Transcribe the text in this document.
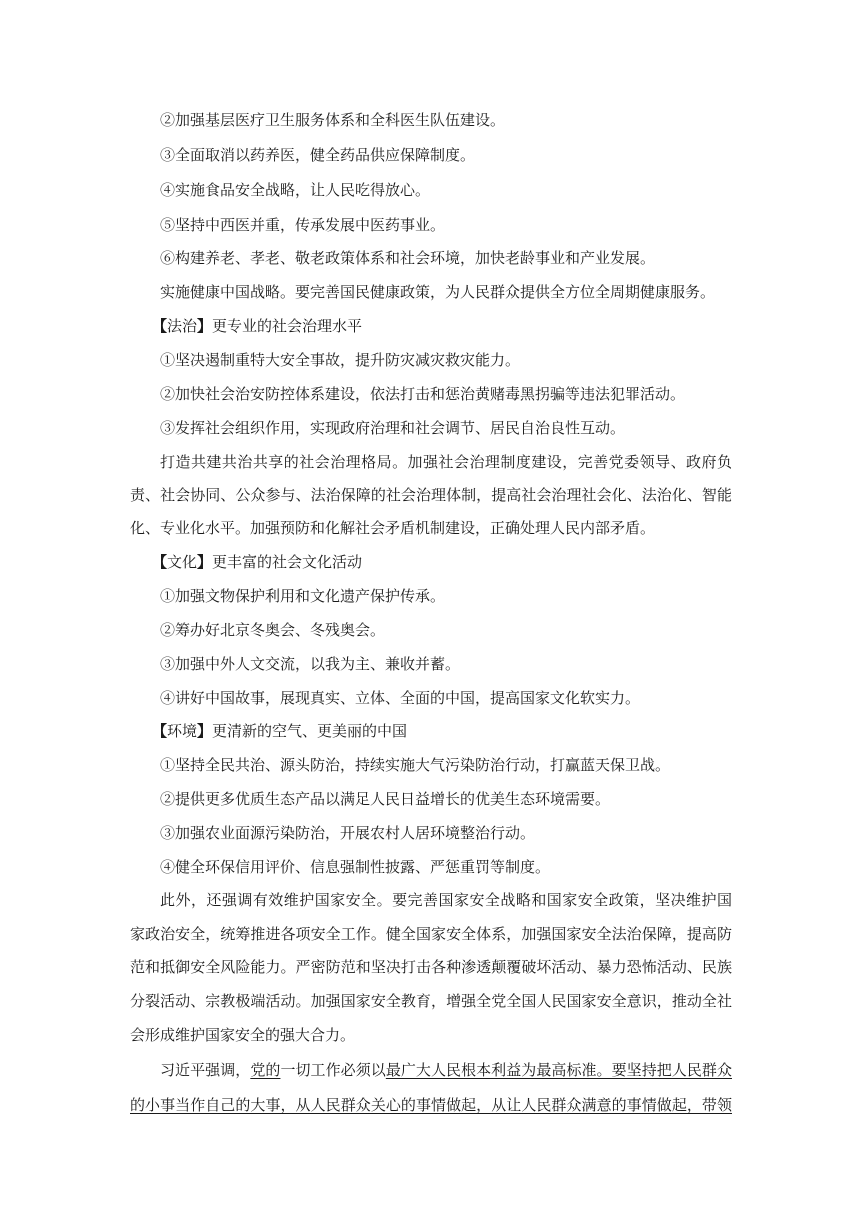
②加强基层医疗卫生服务体系和全科医生队伍建设。
③全面取消以药养医，健全药品供应保障制度。
④实施食品安全战略，让人民吃得放心。
⑤坚持中西医并重，传承发展中医药事业。
⑥构建养老、孝老、敬老政策体系和社会环境，加快老龄事业和产业发展。
实施健康中国战略。要完善国民健康政策，为人民群众提供全方位全周期健康服务。
【法治】更专业的社会治理水平
①坚决遏制重特大安全事故，提升防灾减灾救灾能力。
②加快社会治安防控体系建设，依法打击和惩治黄赌毒黑拐骗等违法犯罪活动。
③发挥社会组织作用，实现政府治理和社会调节、居民自治良性互动。
打造共建共治共享的社会治理格局。加强社会治理制度建设，完善党委领导、政府负
责、社会协同、公众参与、法治保障的社会治理体制，提高社会治理社会化、法治化、智能
化、专业化水平。加强预防和化解社会矛盾机制建设，正确处理人民内部矛盾。
【文化】更丰富的社会文化活动
①加强文物保护利用和文化遗产保护传承。
②筹办好北京冬奥会、冬残奥会。
③加强中外人文交流，以我为主、兼收并蓄。
④讲好中国故事，展现真实、立体、全面的中国，提高国家文化软实力。
【环境】更清新的空气、更美丽的中国
①坚持全民共治、源头防治，持续实施大气污染防治行动，打赢蓝天保卫战。
②提供更多优质生态产品以满足人民日益增长的优美生态环境需要。
③加强农业面源污染防治，开展农村人居环境整治行动。
④健全环保信用评价、信息强制性披露、严惩重罚等制度。
此外，还强调有效维护国家安全。要完善国家安全战略和国家安全政策，坚决维护国
家政治安全，统筹推进各项安全工作。健全国家安全体系，加强国家安全法治保障，提高防
范和抵御安全风险能力。严密防范和坚决打击各种渗透颠覆破坏活动、暴力恐怖活动、民族
分裂活动、宗教极端活动。加强国家安全教育，增强全党全国人民国家安全意识，推动全社
会形成维护国家安全的强大合力。
习近平强调，党的一切工作必须以最广大人民根本利益为最高标准。要坚持把人民群众
的小事当作自己的大事，从人民群众关心的事情做起，从让人民群众满意的事情做起，带领
